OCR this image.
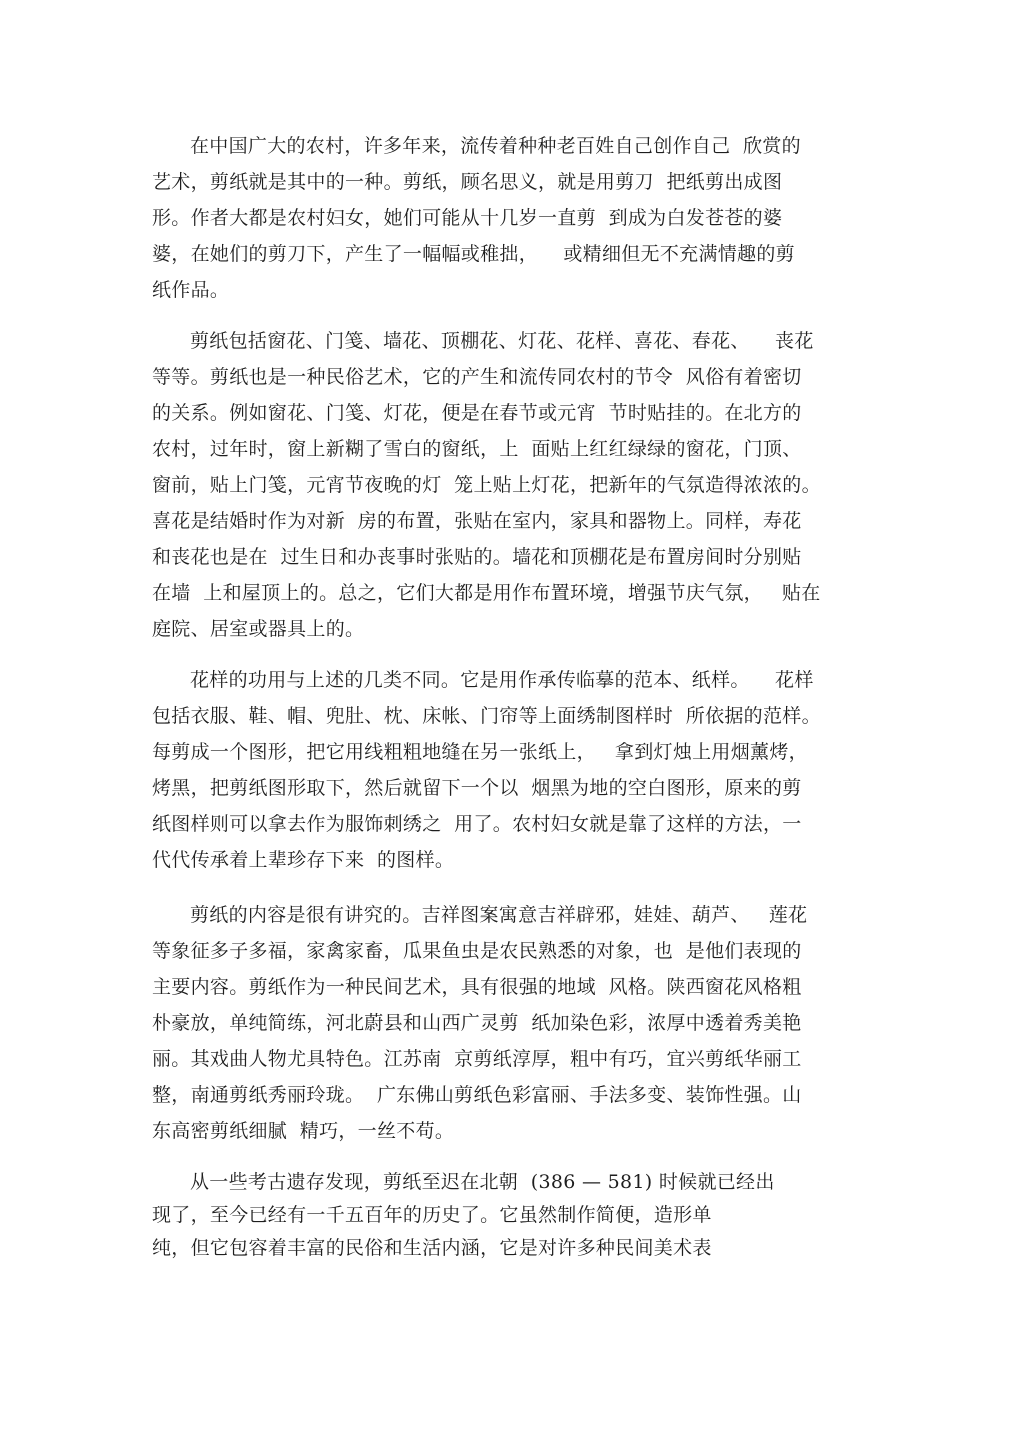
在中国广大的农村，许多年来，流传着种种老百姓自己创作自己  欣赏的
艺术，剪纸就是其中的一种。剪纸，顾名思义，就是用剪刀  把纸剪出成图
形。作者大都是农村妇女，她们可能从十几岁一直剪  到成为白发苍苍的婆
婆，在她们的剪刀下，产生了一幅幅或稚拙，    或精细但无不充满情趣的剪
纸作品。
剪纸包括窗花、门笺、墙花、顶棚花、灯花、花样、喜花、春花、    丧花
等等。剪纸也是一种民俗艺术，它的产生和流传同农村的节令  风俗有着密切
的关系。例如窗花、门笺、灯花，便是在春节或元宵  节时贴挂的。在北方的
农村，过年时，窗上新糊了雪白的窗纸，上  面贴上红红绿绿的窗花，门顶、
窗前，贴上门笺，元宵节夜晚的灯  笼上贴上灯花，把新年的气氛造得浓浓的。
喜花是结婚时作为对新  房的布置，张贴在室内，家具和器物上。同样，寿花
和丧花也是在  过生日和办丧事时张贴的。墙花和顶棚花是布置房间时分别贴
在墙  上和屋顶上的。总之，它们大都是用作布置环境，增强节庆气氛，   贴在
庭院、居室或器具上的。
花样的功用与上述的几类不同。它是用作承传临摹的范本、纸样。    花样
包括衣服、鞋、帽、兜肚、枕、床帐、门帘等上面绣制图样时  所依据的范样。
每剪成一个图形，把它用线粗粗地缝在另一张纸上，   拿到灯烛上用烟薰烤，
烤黑，把剪纸图形取下，然后就留下一个以  烟黑为地的空白图形，原来的剪
纸图样则可以拿去作为服饰刺绣之  用了。农村妇女就是靠了这样的方法，一
代代传承着上辈珍存下来  的图样。
剪纸的内容是很有讲究的。吉祥图案寓意吉祥辟邪，娃娃、葫芦、   莲花
等象征多子多福，家禽家畜，瓜果鱼虫是农民熟悉的对象，也  是他们表现的
主要内容。剪纸作为一种民间艺术，具有很强的地域  风格。陕西窗花风格粗
朴豪放，单纯简练，河北蔚县和山西广灵剪  纸加染色彩，浓厚中透着秀美艳
丽。其戏曲人物尤具特色。江苏南  京剪纸淳厚，粗中有巧，宜兴剪纸华丽工
整，南通剪纸秀丽玲珑。  广东佛山剪纸色彩富丽、手法多变、装饰性强。山
东高密剪纸细腻  精巧，一丝不苟。
从一些考古遗存发现，剪纸至迟在北朝  (386 — 581) 时候就已经出
现了，至今已经有一千五百年的历史了。它虽然制作简便，造形单
纯，但它包容着丰富的民俗和生活内涵，它是对许多种民间美术表
